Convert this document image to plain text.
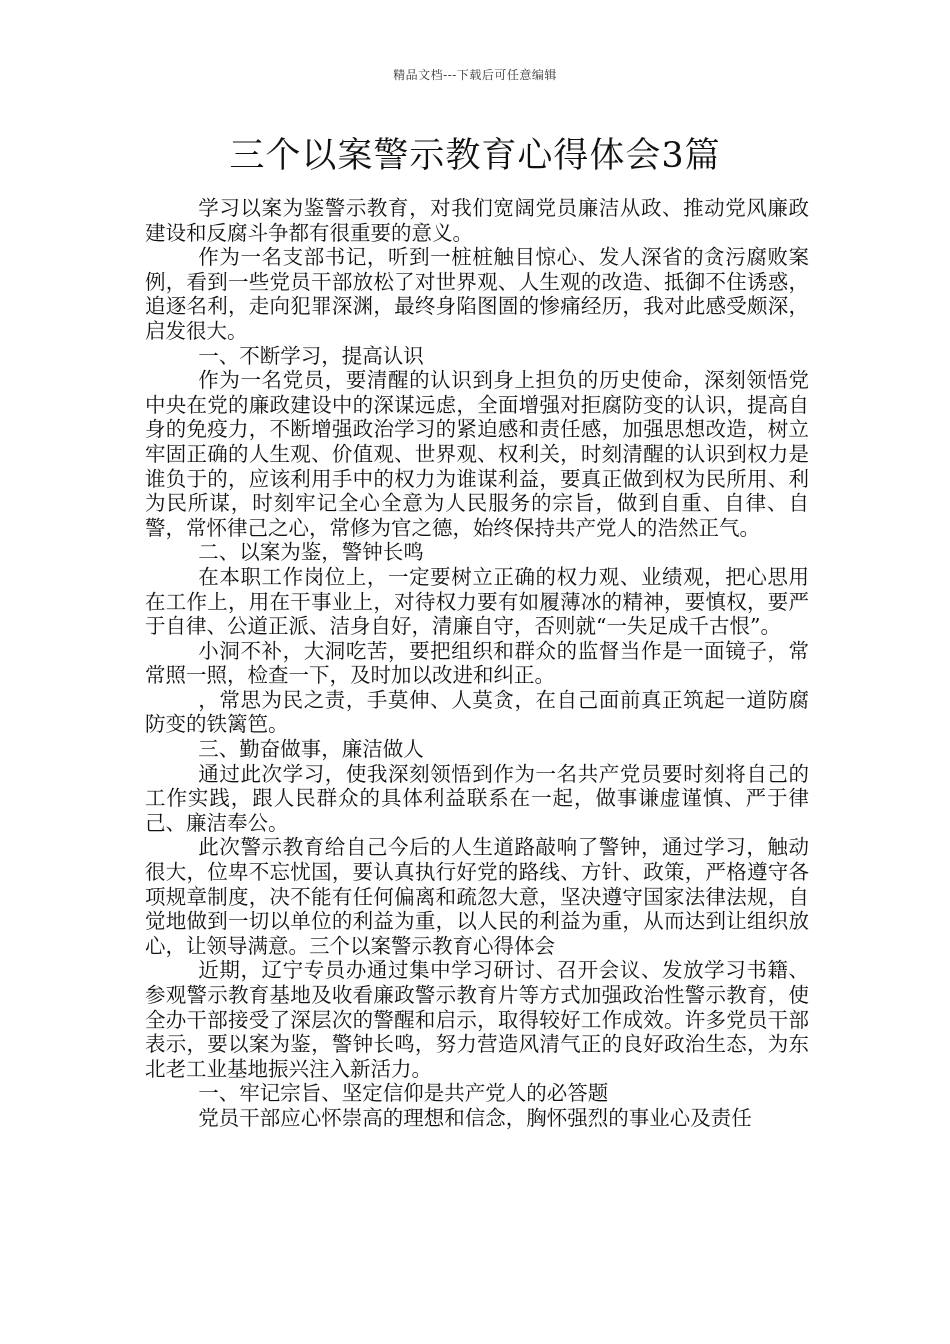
精品文档---下载后可任意编辑
三个以案警示教育心得体会3篇

学习以案为鉴警示教育，对我们宽阔党员廉洁从政、推动党风廉政建设和反腐斗争都有很重要的意义。

作为一名支部书记，听到一桩桩触目惊心、发人深省的贪污腐败案例，看到一些党员干部放松了对世界观、人生观的改造、抵御不住诱惑，追逐名利，走向犯罪深渊，最终身陷图圄的惨痛经历，我对此感受颇深，启发很大。

一、不断学习，提高认识

作为一名党员，要清醒的认识到身上担负的历史使命，深刻领悟党中央在党的廉政建设中的深谋远虑，全面增强对拒腐防变的认识，提高自身的免疫力，不断增强政治学习的紧迫感和责任感，加强思想改造，树立牢固正确的人生观、价值观、世界观、权利关，时刻清醒的认识到权力是谁负于的，应该利用手中的权力为谁谋利益，要真正做到权为民所用、利为民所谋，时刻牢记全心全意为人民服务的宗旨，做到自重、自律、自警，常怀律己之心，常修为官之德，始终保持共产党人的浩然正气。

二、以案为鉴，警钟长鸣

在本职工作岗位上，一定要树立正确的权力观、业绩观，把心思用在工作上，用在干事业上，对待权力要有如履薄冰的精神，要慎权，要严于自律、公道正派、洁身自好，清廉自守，否则就“一失足成千古恨”。

小洞不补，大洞吃苦，要把组织和群众的监督当作是一面镜子，常常照一照，检查一下，及时加以改进和纠正。

，常思为民之责，手莫伸、人莫贪，在自己面前真正筑起一道防腐防变的铁篱笆。

三、勤奋做事，廉洁做人

通过此次学习，使我深刻领悟到作为一名共产党员要时刻将自己的工作实践，跟人民群众的具体利益联系在一起，做事谦虚谨慎、严于律己、廉洁奉公。

此次警示教育给自己今后的人生道路敲响了警钟，通过学习，触动很大，位卑不忘忧国，要认真执行好党的路线、方针、政策，严格遵守各项规章制度，决不能有任何偏离和疏忽大意，坚决遵守国家法律法规，自觉地做到一切以单位的利益为重，以人民的利益为重，从而达到让组织放心，让领导满意。三个以案警示教育心得体会

近期，辽宁专员办通过集中学习研讨、召开会议、发放学习书籍、参观警示教育基地及收看廉政警示教育片等方式加强政治性警示教育，使全办干部接受了深层次的警醒和启示，取得较好工作成效。许多党员干部表示，要以案为鉴，警钟长鸣，努力营造风清气正的良好政治生态，为东北老工业基地振兴注入新活力。

一、牢记宗旨、坚定信仰是共产党人的必答题

党员干部应心怀崇高的理想和信念，胸怀强烈的事业心及责任
